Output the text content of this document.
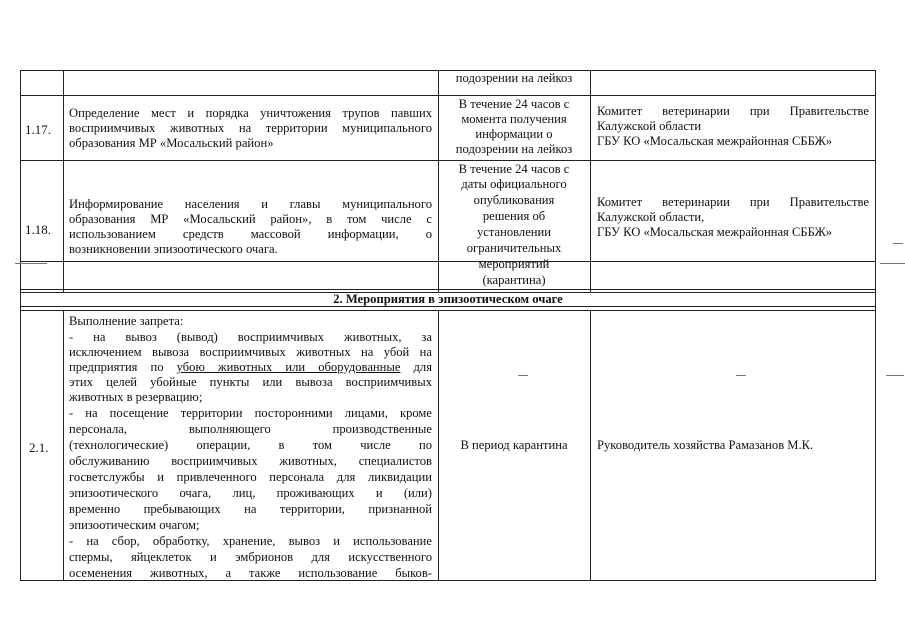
подозрении на лейкоз
1.17.
Определение мест и порядка уничтожения трупов павших
восприимчивых животных на территории муниципального
образования МР «Мосальский район»
В течение 24 часов с
момента получения
информации о
подозрении на лейкоз
Комитет ветеринарии при Правительстве
Калужской области
ГБУ КО «Мосальская межрайонная СББЖ»
1.18.
Информирование населения и главы муниципального
образования МР «Мосальский район», в том числе с
использованием средств массовой информации, о
возникновении эпизоотического очага.
В течение 24 часов с
даты официального
опубликования
решения об
установлении
ограничительных
мероприятий
(карантина)
Комитет ветеринарии при Правительстве
Калужской области,
ГБУ КО «Мосальская межрайонная СББЖ»
2. Мероприятия в эпизоотическом очаге
2.1.
Выполнение запрета:
- на вывоз (вывод) восприимчивых животных, за
исключением вывоза восприимчивых животных на убой на
предприятия по убою животных или оборудованные для
этих целей убойные пункты или вывоза восприимчивых
животных в резервацию;
- на посещение территории посторонними лицами, кроме
персонала, выполняющего производственные
(технологические) операции, в том числе по
обслуживанию восприимчивых животных, специалистов
госветслужбы и привлеченного персонала для ликвидации
эпизоотического очага, лиц, проживающих и (или)
временно пребывающих на территории, признанной
эпизоотическим очагом;
- на сбор, обработку, хранение, вывоз и использование
спермы, яйцеклеток и эмбрионов для искусственного
осеменения животных, а также использование быков-
В период карантина	Руководитель хозяйства Рамазанов М.К.
